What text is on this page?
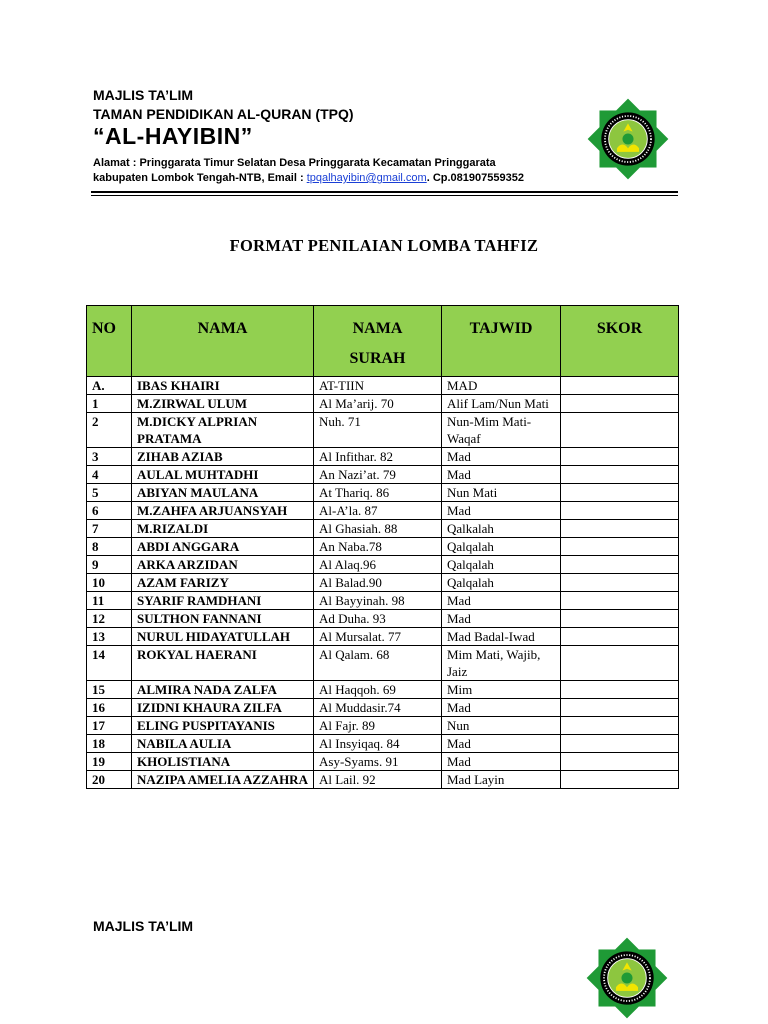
MAJLIS TA’LIM
TAMAN PENDIDIKAN AL-QURAN (TPQ)
“AL-HAYIBIN”
Alamat : Pringgarata Timur Selatan Desa Pringgarata Kecamatan Pringgarata
kabupaten Lombok Tengah-NTB, Email : tpqalhayibin@gmail.com. Cp.081907559352
FORMAT PENILAIAN LOMBA TAHFIZ
NO	NAMA	NAMA SURAH	TAJWID	SKOR
A.	IBAS KHAIRI	AT-TIIN	MAD	
1	M.ZIRWAL ULUM	Al Ma’arij. 70	Alif Lam/Nun Mati	
2	M.DICKY ALPRIAN PRATAMA	Nuh. 71	Nun-Mim Mati-Waqaf	
3	ZIHAB AZIAB	Al Infithar. 82	Mad	
4	AULAL MUHTADHI	An Nazi’at. 79	Mad	
5	ABIYAN MAULANA	At Thariq. 86	Nun Mati	
6	M.ZAHFA ARJUANSYAH	Al-A’la. 87	Mad	
7	M.RIZALDI	Al Ghasiah. 88	Qalkalah	
8	ABDI ANGGARA	An Naba.78	Qalqalah	
9	ARKA ARZIDAN	Al Alaq.96	Qalqalah	
10	AZAM FARIZY	Al Balad.90	Qalqalah	
11	SYARIF RAMDHANI	Al Bayyinah. 98	Mad	
12	SULTHON FANNANI	Ad Duha. 93	Mad	
13	NURUL HIDAYATULLAH	Al Mursalat. 77	Mad Badal-Iwad	
14	ROKYAL HAERANI	Al Qalam. 68	Mim Mati, Wajib, Jaiz	
15	ALMIRA NADA ZALFA	Al Haqqoh. 69	Mim	
16	IZIDNI KHAURA ZILFA	Al Muddasir.74	Mad	
17	ELING PUSPITAYANIS	Al Fajr. 89	Nun	
18	NABILA AULIA	Al Insyiqaq. 84	Mad	
19	KHOLISTIANA	Asy-Syams. 91	Mad	
20	NAZIPA AMELIA AZZAHRA	Al Lail. 92	Mad Layin	
MAJLIS TA’LIM
